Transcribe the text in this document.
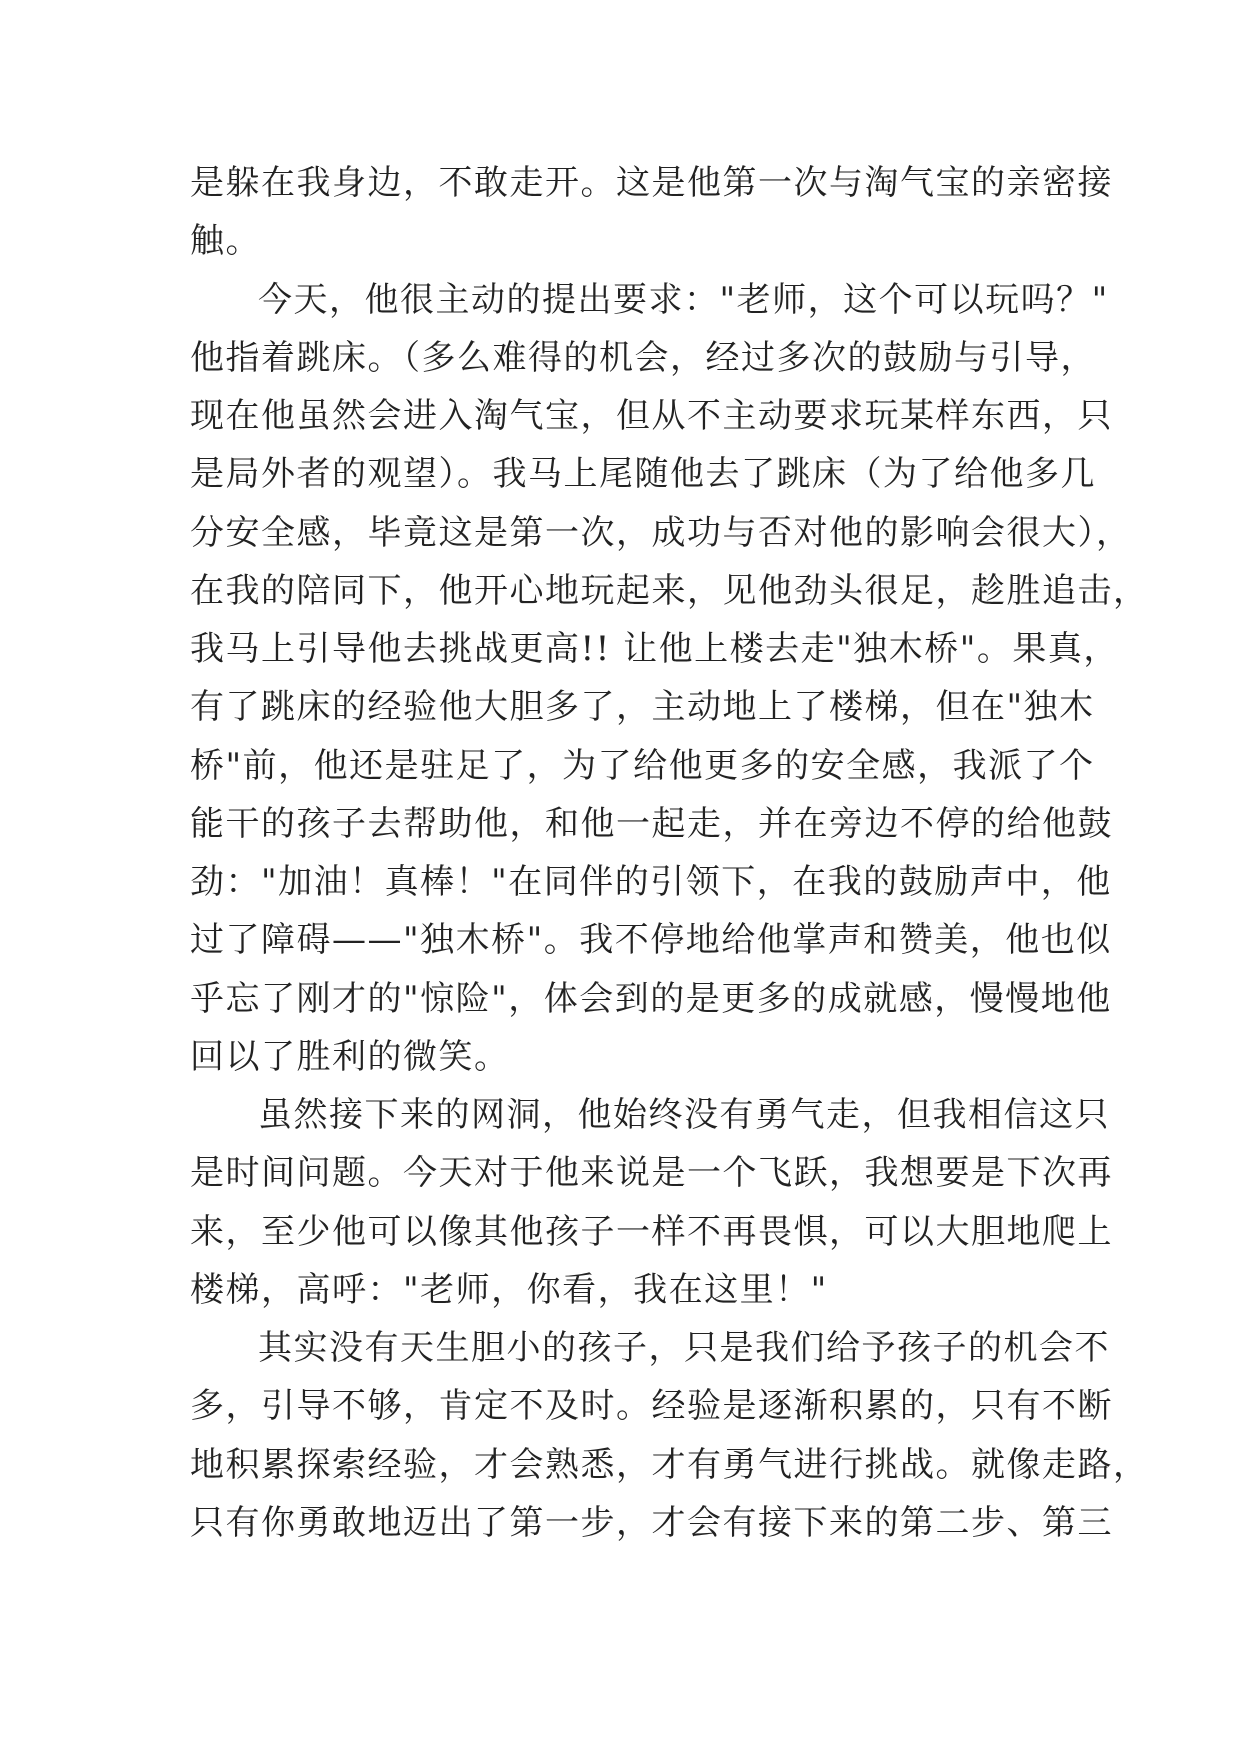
是躲在我身边，不敢走开。这是他第一次与淘气宝的亲密接
触。
今天，他很主动的提出要求："老师，这个可以玩吗？"
他指着跳床。（多么难得的机会，经过多次的鼓励与引导，
现在他虽然会进入淘气宝，但从不主动要求玩某样东西，只
是局外者的观望）。我马上尾随他去了跳床（为了给他多几
分安全感，毕竟这是第一次，成功与否对他的影响会很大），
在我的陪同下，他开心地玩起来，见他劲头很足，趁胜追击，
我马上引导他去挑战更高!! 让他上楼去走"独木桥"。果真，
有了跳床的经验他大胆多了，主动地上了楼梯，但在"独木
桥"前，他还是驻足了，为了给他更多的安全感，我派了个
能干的孩子去帮助他，和他一起走，并在旁边不停的给他鼓
劲："加油！真棒！"在同伴的引领下，在我的鼓励声中，他
过了障碍——"独木桥"。我不停地给他掌声和赞美，他也似
乎忘了刚才的"惊险"，体会到的是更多的成就感，慢慢地他
回以了胜利的微笑。
虽然接下来的网洞，他始终没有勇气走，但我相信这只
是时间问题。今天对于他来说是一个飞跃，我想要是下次再
来，至少他可以像其他孩子一样不再畏惧，可以大胆地爬上
楼梯，高呼："老师，你看，我在这里！"
其实没有天生胆小的孩子，只是我们给予孩子的机会不
多，引导不够，肯定不及时。经验是逐渐积累的，只有不断
地积累探索经验，才会熟悉，才有勇气进行挑战。就像走路，
只有你勇敢地迈出了第一步，才会有接下来的第二步、第三
